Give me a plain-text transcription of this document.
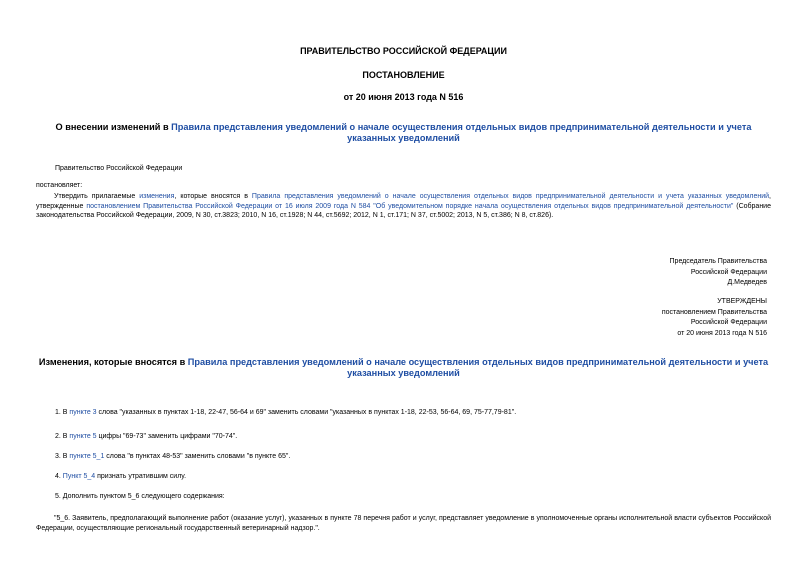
ПРАВИТЕЛЬСТВО РОССИЙСКОЙ ФЕДЕРАЦИИ
ПОСТАНОВЛЕНИЕ
от 20 июня 2013 года N 516
О внесении изменений в Правила представления уведомлений о начале осуществления отдельных видов предпринимательной деятельности и учета указанных уведомлений
Правительство Российской Федерации
постановляет:
Утвердить прилагаемые изменения, которые вносятся в Правила представления уведомлений о начале осуществления отдельных видов предпринимательной деятельности и учета указанных уведомлений, утвержденные постановлением Правительства Российской Федерации от 16 июля 2009 года N 584 "Об уведомительном порядке начала осуществления отдельных видов предпринимательной деятельности" (Собрание законодательства Российской Федерации, 2009, N 30, ст.3823; 2010, N 16, ст.1928; N 44, ст.5692; 2012, N 1, ст.171; N 37, ст.5002; 2013, N 5, ст.386; N 8, ст.826).
Председатель Правительства
Российской Федерации
Д.Медведев
УТВЕРЖДЕНЫ
постановлением Правительства
Российской Федерации
от 20 июня 2013 года N 516
Изменения, которые вносятся в Правила представления уведомлений о начале осуществления отдельных видов предпринимательной деятельности и учета указанных уведомлений
1. В пункте 3 слова "указанных в пунктах 1-18, 22-47, 56-64 и 69" заменить словами "указанных в пунктах 1-18, 22-53, 56-64, 69, 75-77,79-81".
2. В пункте 5 цифры "69-73" заменить цифрами "70-74".
3. В пункте 5_1 слова "в пунктах 48-53" заменить словами "в пункте 65".
4. Пункт 5_4 признать утратившим силу.
5. Дополнить пунктом 5_6 следующего содержания:
"5_6. Заявитель, предполагающий выполнение работ (оказание услуг), указанных в пункте 78 перечня работ и услуг, представляет уведомление в уполномоченные органы исполнительной власти субъектов Российской Федерации, осуществляющие региональный государственный ветеринарный надзор.".
